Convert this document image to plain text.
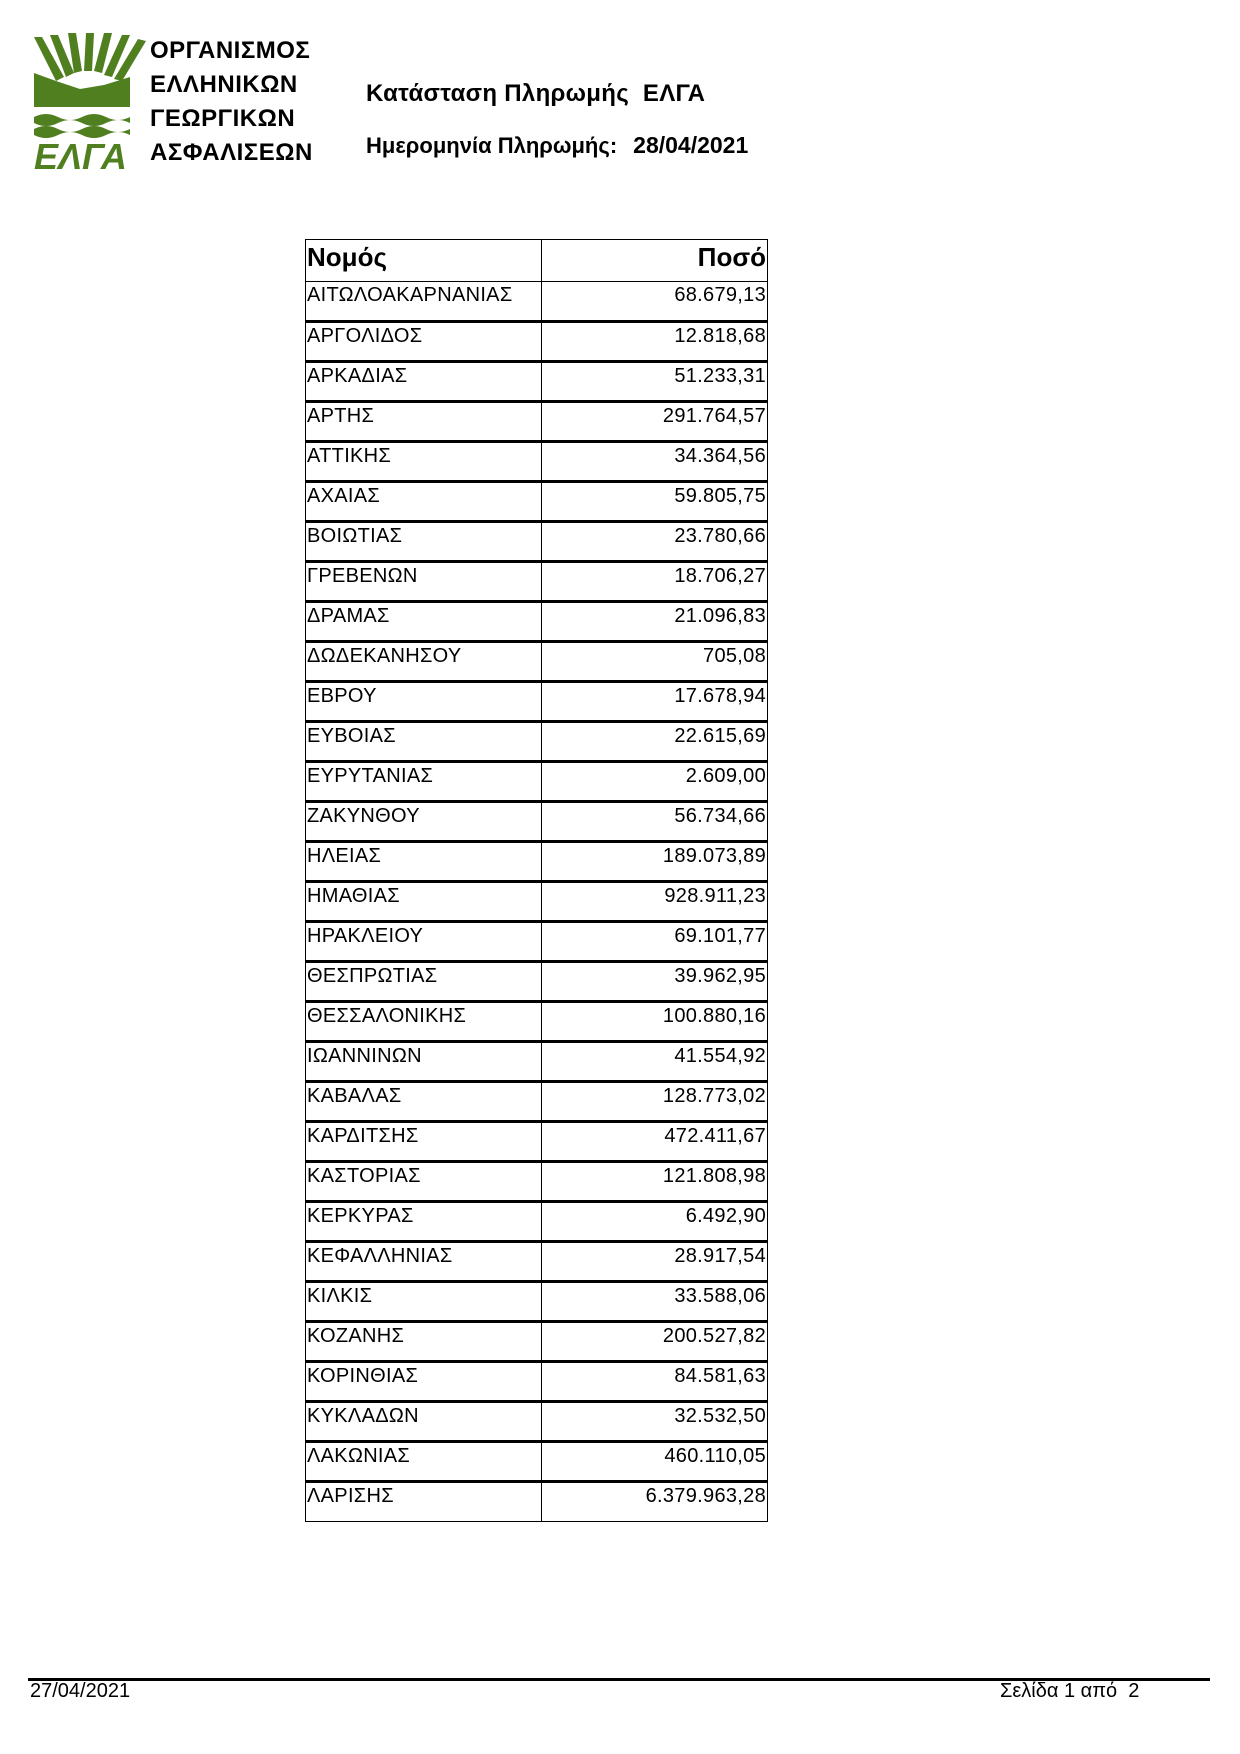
ΕΛΓΑ
ΟΡΓΑΝΙΣΜΟΣ
ΕΛΛΗΝΙΚΩΝ
ΓΕΩΡΓΙΚΩΝ
ΑΣΦΑΛΙΣΕΩΝ
Κατάσταση Πληρωμής  ΕΛΓΑ
Ημερομηνία Πληρωμής: 28/04/2021
Νομός	Ποσό
ΑΙΤΩΛΟΑΚΑΡΝΑΝΙΑΣ	68.679,13
ΑΡΓΟΛΙΔΟΣ	12.818,68
ΑΡΚΑΔΙΑΣ	51.233,31
ΑΡΤΗΣ	291.764,57
ΑΤΤΙΚΗΣ	34.364,56
ΑΧΑΙΑΣ	59.805,75
ΒΟΙΩΤΙΑΣ	23.780,66
ΓΡΕΒΕΝΩΝ	18.706,27
ΔΡΑΜΑΣ	21.096,83
ΔΩΔΕΚΑΝΗΣΟΥ	705,08
ΕΒΡΟΥ	17.678,94
ΕΥΒΟΙΑΣ	22.615,69
ΕΥΡΥΤΑΝΙΑΣ	2.609,00
ΖΑΚΥΝΘΟΥ	56.734,66
ΗΛΕΙΑΣ	189.073,89
ΗΜΑΘΙΑΣ	928.911,23
ΗΡΑΚΛΕΙΟΥ	69.101,77
ΘΕΣΠΡΩΤΙΑΣ	39.962,95
ΘΕΣΣΑΛΟΝΙΚΗΣ	100.880,16
ΙΩΑΝΝΙΝΩΝ	41.554,92
ΚΑΒΑΛΑΣ	128.773,02
ΚΑΡΔΙΤΣΗΣ	472.411,67
ΚΑΣΤΟΡΙΑΣ	121.808,98
ΚΕΡΚΥΡΑΣ	6.492,90
ΚΕΦΑΛΛΗΝΙΑΣ	28.917,54
ΚΙΛΚΙΣ	33.588,06
ΚΟΖΑΝΗΣ	200.527,82
ΚΟΡΙΝΘΙΑΣ	84.581,63
ΚΥΚΛΑΔΩΝ	32.532,50
ΛΑΚΩΝΙΑΣ	460.110,05
ΛΑΡΙΣΗΣ	6.379.963,28
27/04/2021	Σελίδα 1 από 2
